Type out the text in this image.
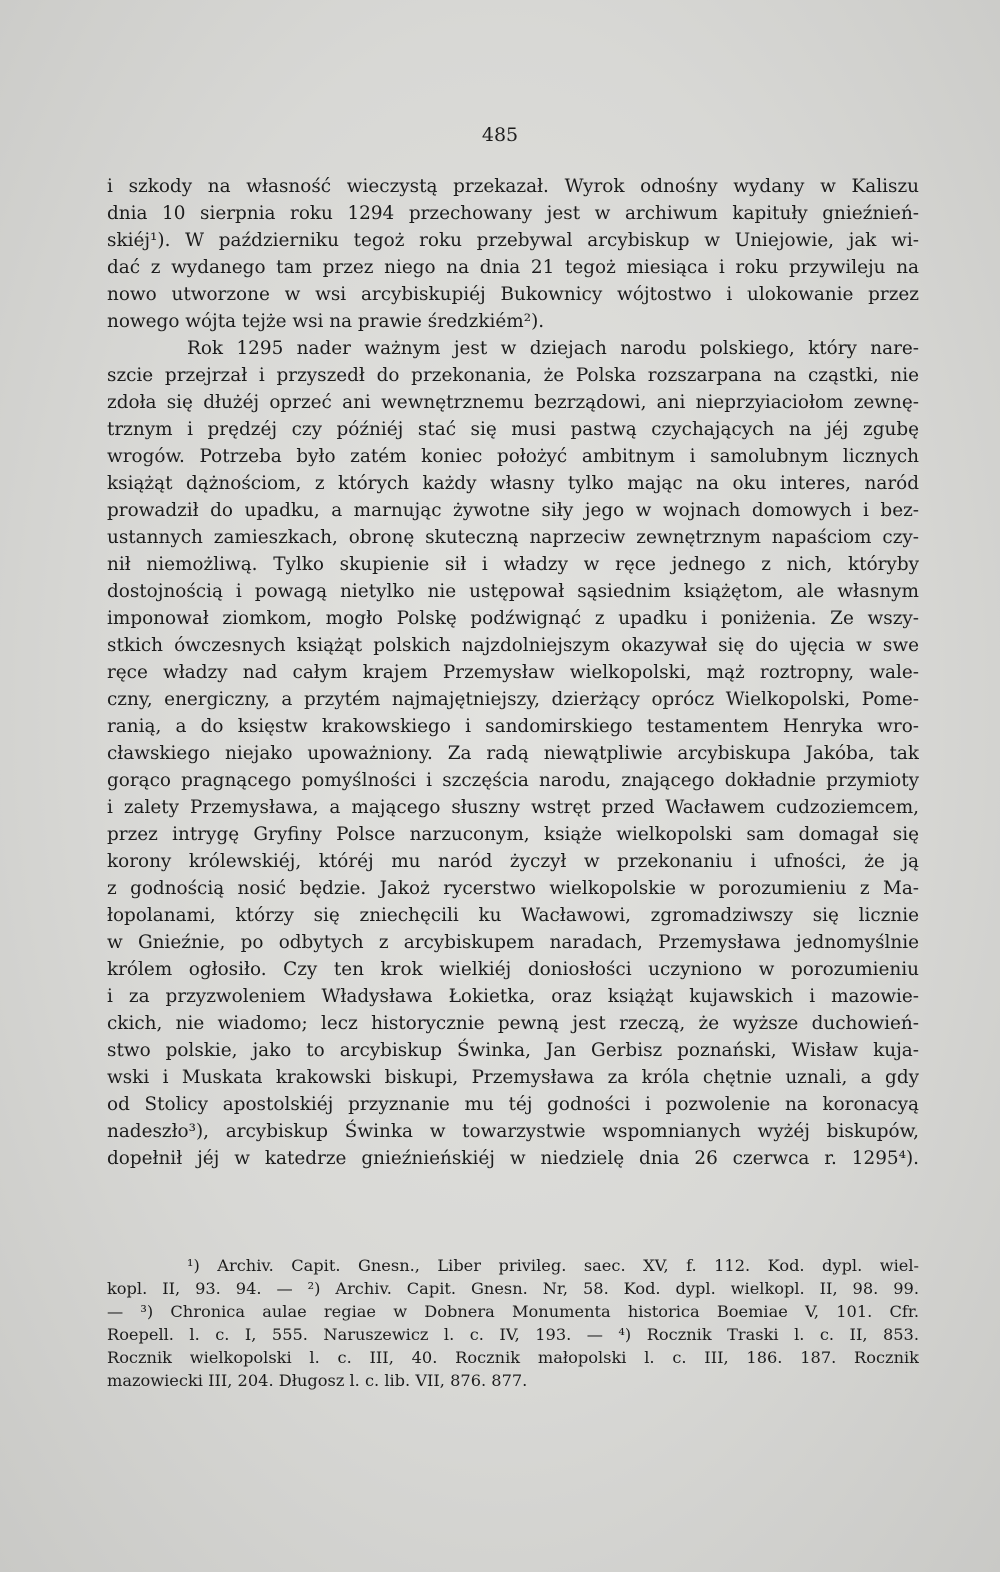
485
i szkody na własność wieczystą przekazał. Wyrok odnośny wydany w Kaliszu
dnia 10 sierpnia roku 1294 przechowany jest w archiwum kapituły gnieźnień-
skiéj¹). W październiku tegoż roku przebywal arcybiskup w Uniejowie, jak wi-
dać z wydanego tam przez niego na dnia 21 tegoż miesiąca i roku przywileju na
nowo utworzone w wsi arcybiskupiéj Bukownicy wójtostwo i ulokowanie przez
nowego wójta tejże wsi na prawie średzkiém²).
Rok 1295 nader ważnym jest w dziejach narodu polskiego, który nare-
szcie przejrzał i przyszedł do przekonania, że Polska rozszarpana na cząstki, nie
zdoła się dłużéj oprzeć ani wewnętrznemu bezrządowi, ani nieprzyiaciołom zewnę-
trznym i prędzéj czy późniéj stać się musi pastwą czychających na jéj zgubę
wrogów. Potrzeba było zatém koniec położyć ambitnym i samolubnym licznych
książąt dążnościom, z których każdy własny tylko mając na oku interes, naród
prowadził do upadku, a marnując żywotne siły jego w wojnach domowych i bez-
ustannych zamieszkach, obronę skuteczną naprzeciw zewnętrznym napaściom czy-
nił niemożliwą. Tylko skupienie sił i władzy w ręce jednego z nich, któryby
dostojnością i powagą nietylko nie ustępował sąsiednim książętom, ale własnym
imponował ziomkom, mogło Polskę podźwignąć z upadku i poniżenia. Ze wszy-
stkich ówczesnych książąt polskich najzdolniejszym okazywał się do ujęcia w swe
ręce władzy nad całym krajem Przemysław wielkopolski, mąż roztropny, wale-
czny, energiczny, a przytém najmajętniejszy, dzierżący oprócz Wielkopolski, Pome-
ranią, a do księstw krakowskiego i sandomirskiego testamentem Henryka wro-
cławskiego niejako upoważniony. Za radą niewątpliwie arcybiskupa Jakóba, tak
gorąco pragnącego pomyślności i szczęścia narodu, znającego dokładnie przymioty
i zalety Przemysława, a mającego słuszny wstręt przed Wacławem cudzoziemcem,
przez intrygę Gryfiny Polsce narzuconym, książe wielkopolski sam domagał się
korony królewskiéj, któréj mu naród życzył w przekonaniu i ufności, że ją
z godnością nosić będzie. Jakoż rycerstwo wielkopolskie w porozumieniu z Ma-
łopolanami, którzy się zniechęcili ku Wacławowi, zgromadziwszy się licznie
w Gnieźnie, po odbytych z arcybiskupem naradach, Przemysława jednomyślnie
królem ogłosiło. Czy ten krok wielkiéj doniosłości uczyniono w porozumieniu
i za przyzwoleniem Władysława Łokietka, oraz książąt kujawskich i mazowie-
ckich, nie wiadomo; lecz historycznie pewną jest rzeczą, że wyższe duchowień-
stwo polskie, jako to arcybiskup Świnka, Jan Gerbisz poznański, Wisław kuja-
wski i Muskata krakowski biskupi, Przemysława za króla chętnie uznali, a gdy
od Stolicy apostolskiéj przyznanie mu téj godności i pozwolenie na koronacyą
nadeszło³), arcybiskup Świnka w towarzystwie wspomnianych wyżéj biskupów,
dopełnił jéj w katedrze gnieźnieńskiéj w niedzielę dnia 26 czerwca r. 1295⁴).
¹) Archiv. Capit. Gnesn., Liber privileg. saec. XV, f. 112. Kod. dypl. wiel-
kopl. II, 93. 94. — ²) Archiv. Capit. Gnesn. Nr, 58. Kod. dypl. wielkopl. II, 98. 99.
— ³) Chronica aulae regiae w Dobnera Monumenta historica Boemiae V, 101. Cfr.
Roepell. l. c. I, 555. Naruszewicz l. c. IV, 193. — ⁴) Rocznik Traski l. c. II, 853.
Rocznik wielkopolski l. c. III, 40. Rocznik małopolski l. c. III, 186. 187. Rocznik
mazowiecki III, 204. Długosz l. c. lib. VII, 876. 877.
